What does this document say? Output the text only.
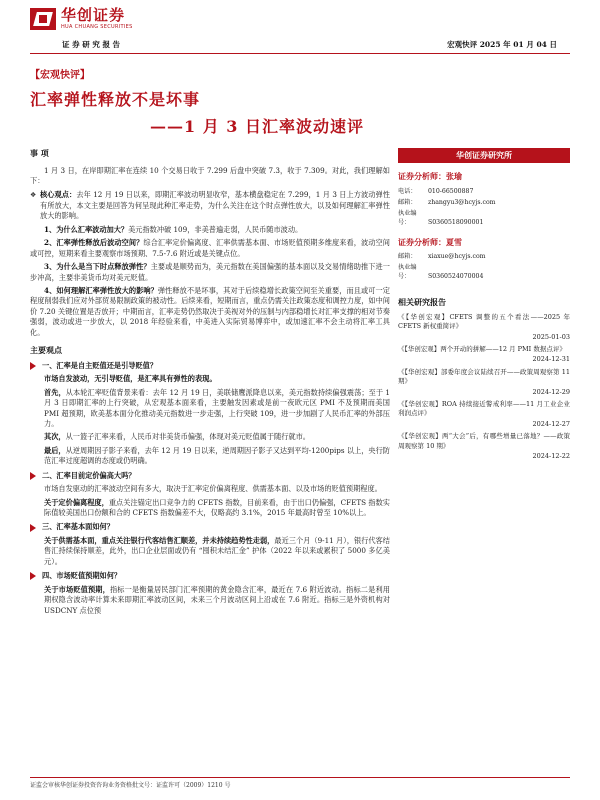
华创证券
HUA CHUANG SECURITIES
证 券 研 究 报 告	宏观快评 2025 年 01 月 04 日
【宏观快评】
汇率弹性释放不是坏事
——1 月 3 日汇率波动速评
事 项
1 月 3 日，在岸即期汇率在连续 10 个交易日收于 7.299 后盘中突破 7.3，收于 7.309。对此，我们理解如下：
❖ 核心观点：去年 12 月 19 日以来，即期汇率波动明显收窄，基本横盘稳定在 7.299，1 月 3 日上方波动弹性有所放大，本文主要是回答为何呈现此种汇率走势，为什么关注在这个时点弹性放大，以及如何理解汇率弹性放大的影响。
1、为什么汇率波动加大？美元指数冲破 109，非美普遍走弱，人民币随市波动。
2、汇率弹性释放后波动空间？综合汇率定价偏离度、汇率供需基本面、市场贬值预期多维度来看，波动空间或可控，短期来看主要观察市场预期、7.5-7.6 附近或是关键点位。
3、为什么是当下时点释放弹性？主要或是顺势而为，美元指数在美国偏强的基本面以及交易情绪助推下进一步冲高，主要非美货币均对美元贬值。
4、如何理解汇率弹性放大的影响？弹性释放不是坏事，其对于后续稳增长政策空间至关重要，而且或可一定程度削弱我们应对外部贸易限制政策的被动性。后续来看，短期而言，重点仍需关注政策态度和调控力度，如中间价 7.20 关键位置是否放开；中期而言，汇率走势仍然取决于美视对外的压制与内部稳增长对汇率支撑的相对节奏强弱，波动或进一步放大，以 2018 年经验来看，中美进入实际贸易博弈中，或加速汇率不会主动将汇率工具化。
主要观点
一、汇率是自主贬值还是引导贬值？
市场自发波动，无引导贬值，是汇率具有弹性的表现。
首先，从本轮汇率贬值背景来看：去年 12 月 19 日，美联储鹰派降息以来，美元指数持续偏强震荡；至于 1 月 3 日即期汇率的上行突破，从宏观基本面来看，主要触发因素或是前一夜欧元区 PMI 不及预期而美国 PMI 超预期，欧美基本面分化推动美元指数进一步走强，上行突破 109，进一步加剧了人民币汇率的外部压力。
其次，从一篮子汇率来看，人民币对非美货币偏强，体现对美元贬值属于随行就市。
最后，从逆周期因子影子来看，去年 12 月 19 日以来，逆周期因子影子又达到平均-1200pips 以上，央行防范汇率过度超调的态度或仍明确。
二、汇率目前定价偏高大吗？
市场自发驱动的汇率波动空间有多大，取决于汇率定价偏离程度、供需基本面、以及市场的贬值预期程度。
关于定价偏离程度，重点关注锚定出口竞争力的 CFETS 指数，目前来看，由于出口仍偏强，CFETS 指数实际值较美国出口份额和合的 CFETS 指数偏差不大，仅略高约 3.1%，2015 年最高时曾至 10%以上。
三、汇率基本面如何？
关于供需基本面，重点关注银行代客结售汇顺差，并未持续趋势性走弱，最近三个月（9-11 月），银行代客结售汇持续保持顺差，此外，出口企业层面或仍有 “囤积未结汇金” 护体（2022 年以来或累积了 5000 多亿美元）。
四、市场贬值预期如何？
关于市场贬值预期，指标一是衡量居民部门汇率预期的黄金隐含汇率，最近在 7.6 附近波动。指标二是利用期权隐含波动率计算未来即期汇率波动区间，未来三个月波动区间上沿或在 7.6 附近。指标三是外资机构对 USDCNY 点位预
华创证券研究所
证券分析师：张瑜
电话： 010-66500887
邮箱： zhangyu3@hcyjs.com
执业编号：	S0360518090001
证券分析师：夏雪
邮箱： xiaxue@hcyjs.com
执业编号：	S0360524070004
相关研究报告
《【华创宏观】CFETS 调整的五个看法——2025 年 CFETS 新权重简评》
2025-01-03
《【华创宏观】两个开动的拼解——12 月 PMI 数据点评》
2024-12-31
《【华创宏观】部委年度会议陆续召开——政策周观察第 11 期》
2024-12-29
《【华创宏观】ROA 持续接近警戒利率——11 月工业企业利润点评》
2024-12-27
《【华创宏观】两“大会”后，有哪些增量已落地？——政策周观察第 10 期》
2024-12-22
证监会审核华创证券投资咨询业务资格批文号：证监许可（2009）1210 号
